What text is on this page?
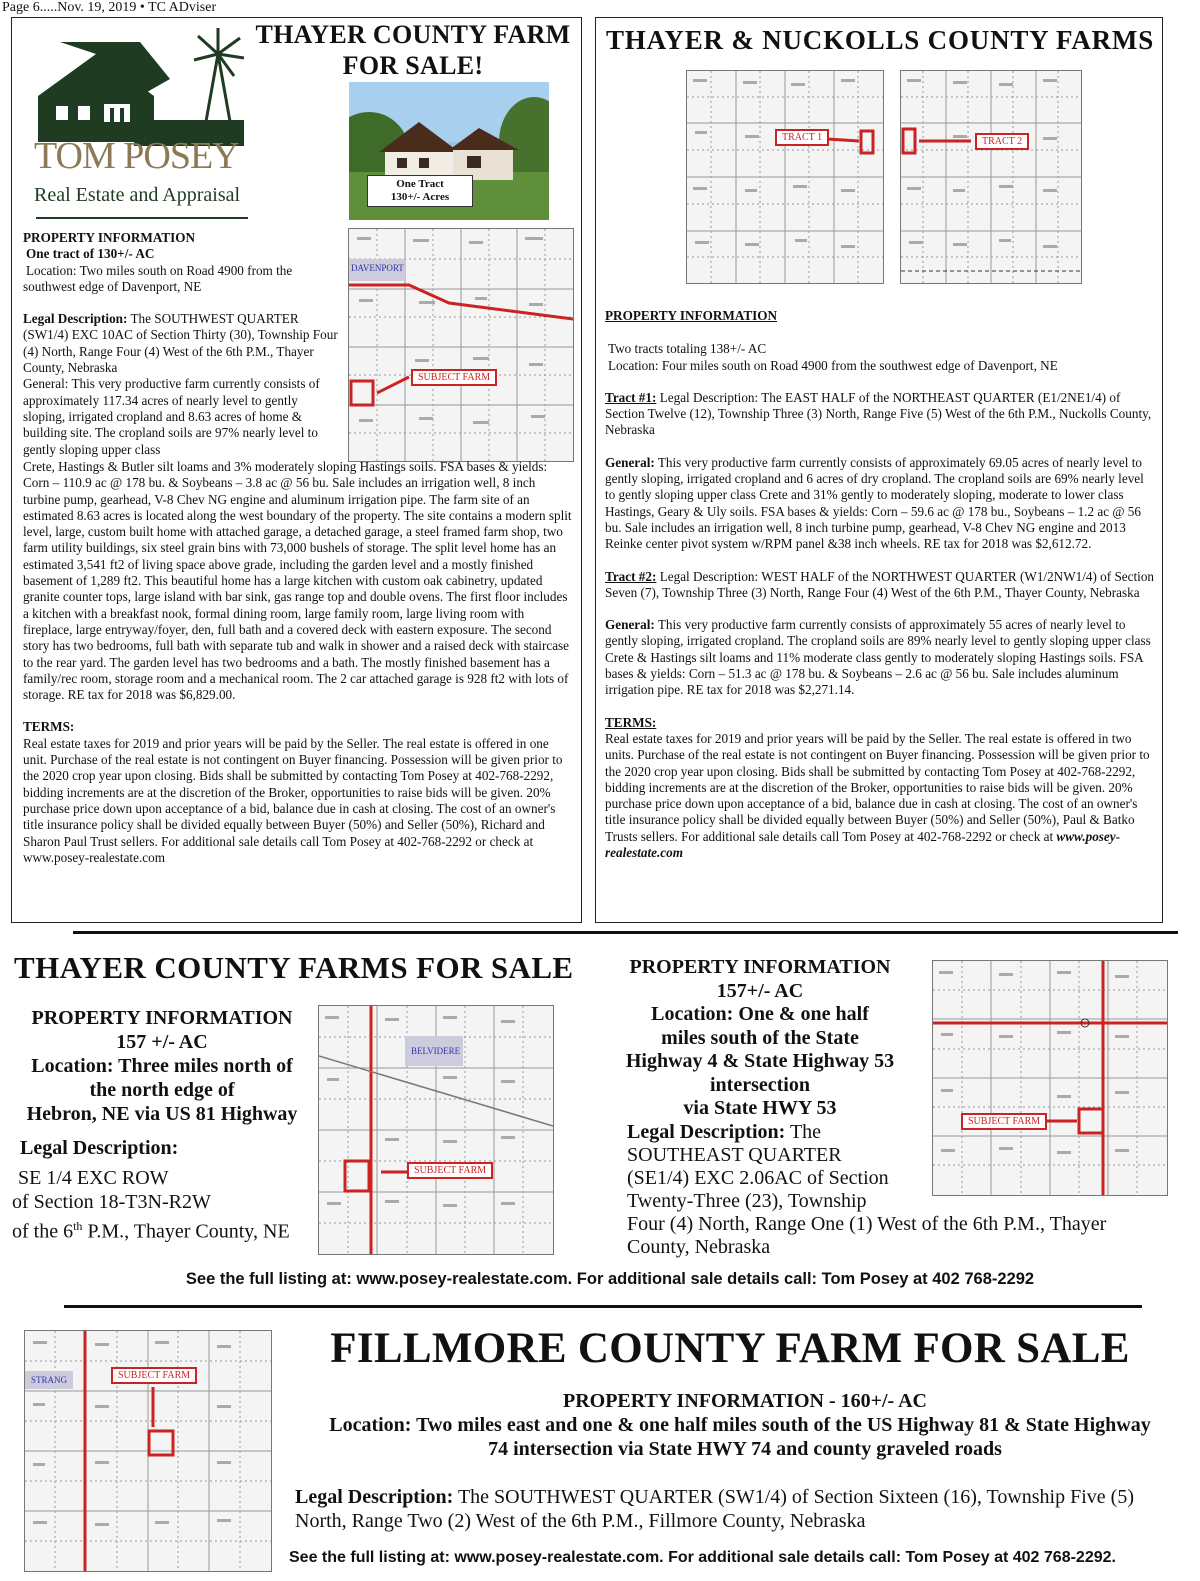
Page 6.....Nov. 19, 2019 • TC ADviser
TOM POSEY
Real Estate and Appraisal
THAYER COUNTY FARM
FOR SALE!
One Tract
130+/- Acres
DAVENPORT
SUBJECT FARM
PROPERTY INFORMATION
One tract of 130+/- AC
Location: Two miles south on Road 4900 from the southwest edge of Davenport, NE

Legal Description: The SOUTHWEST QUARTER (SW1/4) EXC 10AC of Section Thirty (30), Township Four (4) North, Range Four (4) West of the 6th P.M., Thayer County, Nebraska

General: This very productive farm currently consists of approximately 117.34 acres of nearly level to gently sloping, irrigated cropland and 8.63 acres of home & building site. The cropland soils are 97% nearly level to gently sloping upper class

Crete, Hastings & Butler silt loams and 3% moderately sloping Hastings soils. FSA bases & yields: Corn – 110.9 ac @ 178 bu. & Soybeans – 3.8 ac @ 56 bu. Sale includes an irrigation well, 8 inch turbine pump, gearhead, V-8 Chev NG engine and aluminum irrigation pipe. The farm site of an estimated 8.63 acres is located along the west boundary of the property. The site contains a modern split level, large, custom built home with attached garage, a detached garage, a steel framed farm shop, two farm utility buildings, six steel grain bins with 73,000 bushels of storage. The split level home has an estimated 3,541 ft2 of living space above grade, including the garden level and a mostly finished basement of 1,289 ft2. This beautiful home has a large kitchen with custom oak cabinetry, updated granite counter tops, large island with bar sink, gas range top and double ovens. The first floor includes a kitchen with a breakfast nook, formal dining room, large family room, large living room with fireplace, large entryway/foyer, den, full bath and a covered deck with eastern exposure. The second story has two bedrooms, full bath with separate tub and walk in shower and a raised deck with staircase to the rear yard. The garden level has two bedrooms and a bath. The mostly finished basement has a family/rec room, storage room and a mechanical room. The 2 car attached garage is 928 ft2 with lots of storage. RE tax for 2018 was $6,829.00.

TERMS:

Real estate taxes for 2019 and prior years will be paid by the Seller. The real estate is offered in one unit. Purchase of the real estate is not contingent on Buyer financing. Possession will be given prior to the 2020 crop year upon closing. Bids shall be submitted by contacting Tom Posey at 402-768-2292, bidding increments are at the discretion of the Broker, opportunities to raise bids will be given. 20% purchase price down upon acceptance of a bid, balance due in cash at closing. The cost of an owner's title insurance policy shall be divided equally between Buyer (50%) and Seller (50%), Richard and Sharon Paul Trust sellers. For additional sale details call Tom Posey at 402-768-2292 or check at www.posey-realestate.com

THAYER & NUCKOLLS COUNTY FARMS
TRACT 1	TRACT 2
PROPERTY INFORMATION
Two tracts totaling 138+/- AC
Location: Four miles south on Road 4900 from the southwest edge of Davenport, NE

Tract #1: Legal Description: The EAST HALF of the NORTHEAST QUARTER (E1/2NE1/4) of Section Twelve (12), Township Three (3) North, Range Five (5) West of the 6th P.M., Nuckolls County, Nebraska

General: This very productive farm currently consists of approximately 69.05 acres of nearly level to gently sloping, irrigated cropland and 6 acres of dry cropland. The cropland soils are 69% nearly level to gently sloping upper class Crete and 31% gently to moderately sloping, moderate to lower class Hastings, Geary & Uly soils. FSA bases & yields: Corn – 59.6 ac @ 178 bu., Soybeans – 1.2 ac @ 56 bu. Sale includes an irrigation well, 8 inch turbine pump, gearhead, V-8 Chev NG engine and 2013 Reinke center pivot system w/RPM panel &38 inch wheels. RE tax for 2018 was $2,612.72.

Tract #2: Legal Description: WEST HALF of the NORTHWEST QUARTER (W1/2NW1/4) of Section Seven (7), Township Three (3) North, Range Four (4) West of the 6th P.M., Thayer County, Nebraska

General: This very productive farm currently consists of approximately 55 acres of nearly level to gently sloping, irrigated cropland. The cropland soils are 89% nearly level to gently sloping upper class Crete & Hastings silt loams and 11% moderate class gently to moderately sloping Hastings soils. FSA bases & yields: Corn – 51.3 ac @ 178 bu. & Soybeans – 2.6 ac @ 56 bu. Sale includes aluminum irrigation pipe. RE tax for 2018 was $2,271.14.

TERMS:

Real estate taxes for 2019 and prior years will be paid by the Seller. The real estate is offered in two units. Purchase of the real estate is not contingent on Buyer financing. Possession will be given prior to the 2020 crop year upon closing. Bids shall be submitted by contacting Tom Posey at 402-768-2292, bidding increments are at the discretion of the Broker, opportunities to raise bids will be given. 20% purchase price down upon acceptance of a bid, balance due in cash at closing. The cost of an owner's title insurance policy shall be divided equally between Buyer (50%) and Seller (50%), Paul & Batko Trusts sellers. For additional sale details call Tom Posey at 402-768-2292 or check at www.posey-realestate.com

THAYER COUNTY FARMS FOR SALE
PROPERTY INFORMATION
157 +/- AC
Location: Three miles north of
the north edge of
Hebron, NE via US 81 Highway
Legal Description:
SE 1/4 EXC ROW
of Section 18-T3N-R2W
of the 6th P.M., Thayer County, NE
BELVIDERE
SUBJECT FARM
PROPERTY INFORMATION
157+/- AC
Location: One & one half
miles south of the State
Highway 4 & State Highway 53
intersection
via State HWY 53
Legal Description: The
SOUTHEAST QUARTER
(SE1/4) EXC 2.06AC of Section
Twenty-Three (23), Township
Four (4) North, Range One (1) West of the 6th P.M., Thayer
County, Nebraska
SUBJECT FARM
See the full listing at: www.posey-realestate.com. For additional sale details call: Tom Posey at 402 768-2292
STRANG	SUBJECT FARM
FILLMORE COUNTY FARM FOR SALE
PROPERTY INFORMATION - 160+/- AC
Location: Two miles east and one & one half miles south of the US Highway 81 & State Highway
74 intersection via State HWY 74 and county graveled roads
Legal Description: The SOUTHWEST QUARTER (SW1/4) of Section Sixteen (16), Township Five (5)
North, Range Two (2) West of the 6th P.M., Fillmore County, Nebraska
See the full listing at: www.posey-realestate.com. For additional sale details call: Tom Posey at 402 768-2292.
